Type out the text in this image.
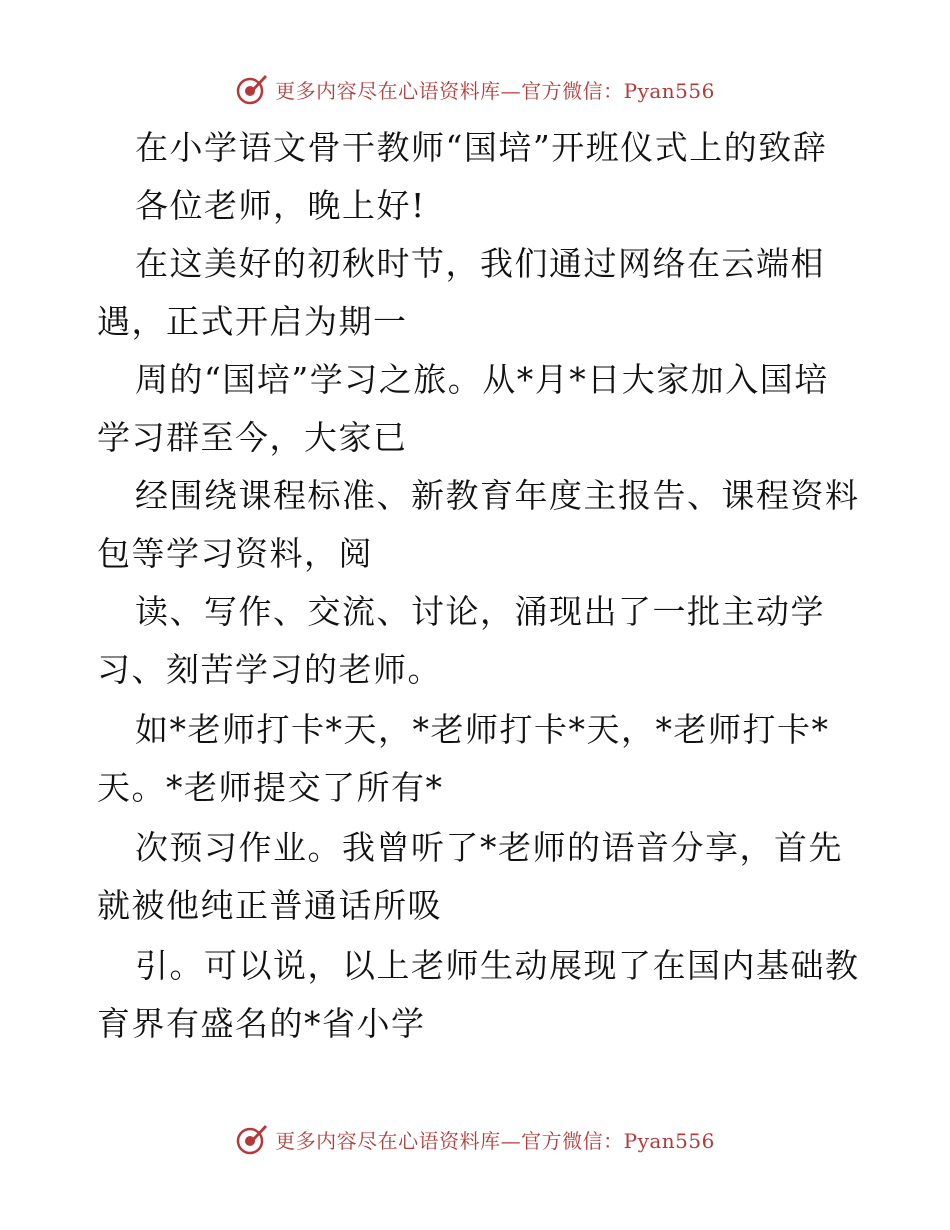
更多内容尽在心语资料库—官方微信：Pyan556
在小学语文骨干教师“国培”开班仪式上的致辞
各位老师，晚上好!
在这美好的初秋时节，我们通过网络在云端相
遇，正式开启为期一
周的“国培”学习之旅。从*月*日大家加入国培
学习群至今，大家已
经围绕课程标准、新教育年度主报告、课程资料
包等学习资料，阅
读、写作、交流、讨论，涌现出了一批主动学
习、刻苦学习的老师。
如*老师打卡*天，*老师打卡*天，*老师打卡*
天。*老师提交了所有*
次预习作业。我曾听了*老师的语音分享，首先
就被他纯正普通话所吸
引。可以说，以上老师生动展现了在国内基础教
育界有盛名的*省小学
更多内容尽在心语资料库—官方微信：Pyan556
